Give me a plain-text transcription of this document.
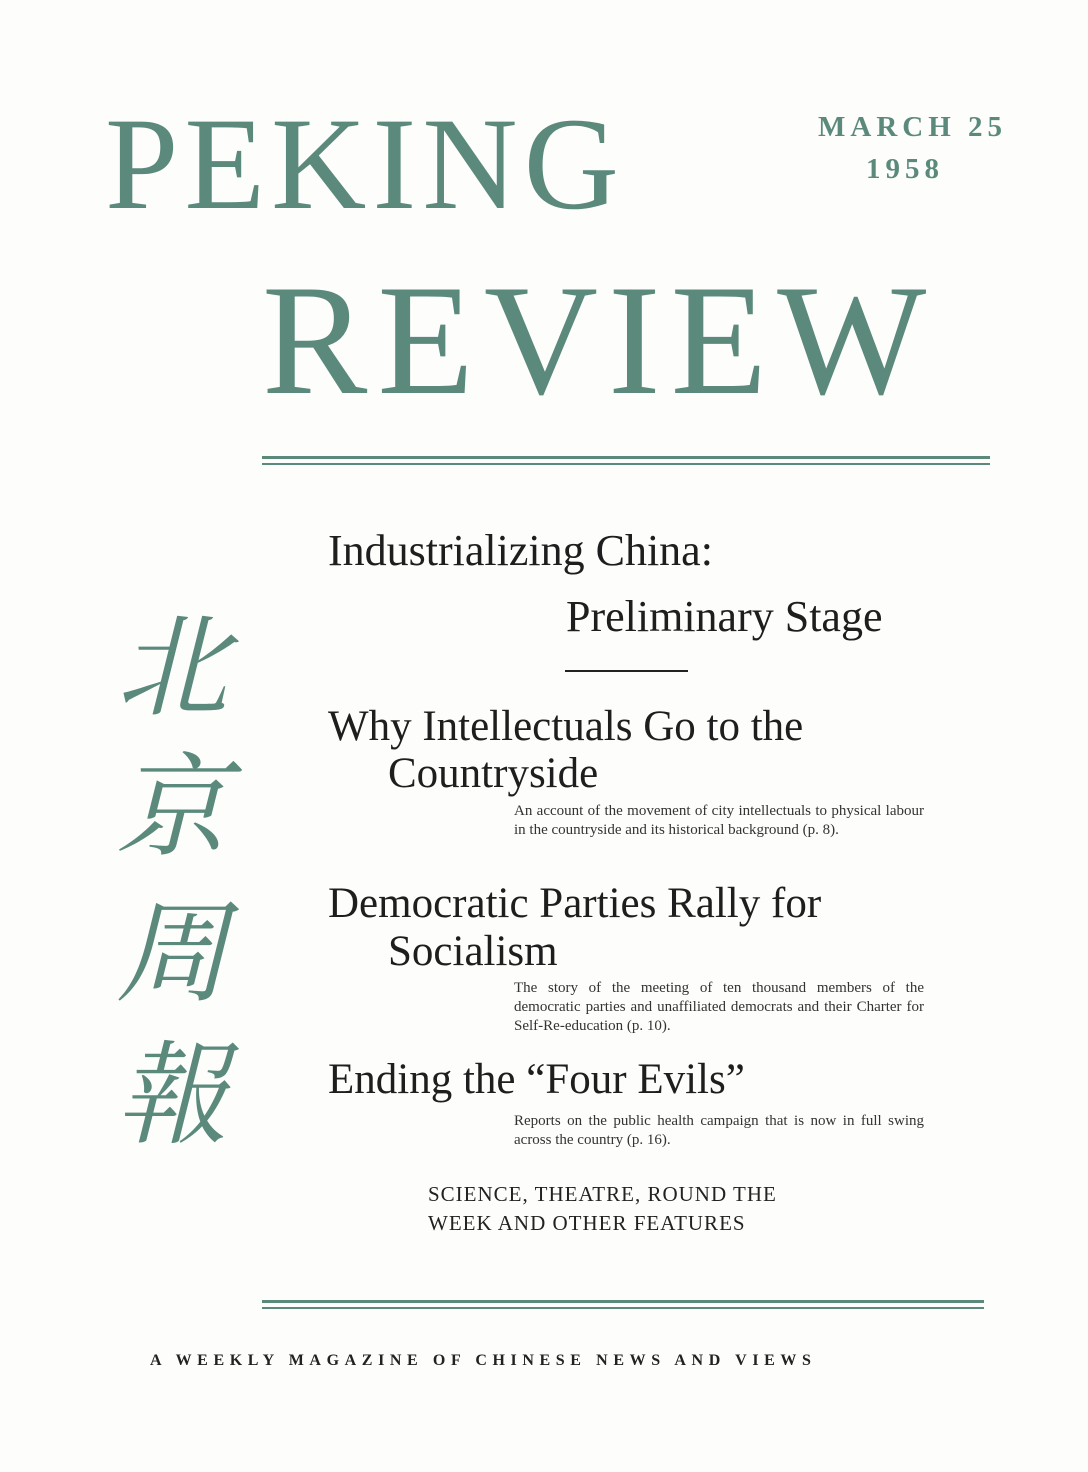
PEKING	MARCH 25
1958
REVIEW
北
京
周
報
Industrializing China:
Preliminary Stage
Why Intellectuals Go to the
Countryside

An account of the movement of city intellectuals to physical labour in the countryside and its historical background (p. 8).

Democratic Parties Rally for
Socialism

The story of the meeting of ten thousand members of the democratic parties and unaffiliated democrats and their Charter for Self-Re-education (p. 10).

Ending the “Four Evils”

Reports on the public health campaign that is now in full swing across the country (p. 16).

SCIENCE, THEATRE, ROUND THE
WEEK AND OTHER FEATURES

A WEEKLY MAGAZINE OF CHINESE NEWS AND VIEWS
